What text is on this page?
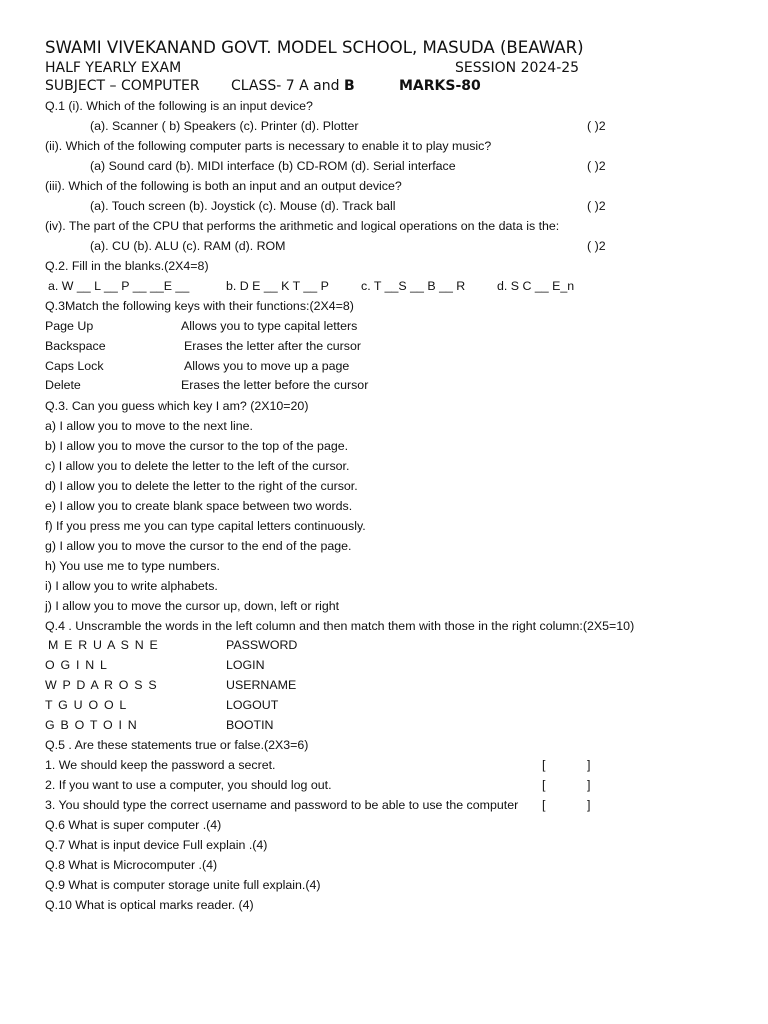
SWAMI VIVEKANAND GOVT. MODEL SCHOOL, MASUDA (BEAWAR)
HALF YEARLY EXAM	SESSION 2024-25
SUBJECT – COMPUTER CLASS- 7 A and B	MARKS-80
Q.1 (i). Which of the following is an input device?
(a). Scanner ( b) Speakers (c). Printer (d). Plotter	( )2
(ii). Which of the following computer parts is necessary to enable it to play music?
(a) Sound card (b). MIDI interface (b) CD-ROM (d). Serial interface	( )2
(iii). Which of the following is both an input and an output device?
(a). Touch screen (b). Joystick (c). Mouse (d). Track ball	( )2
(iv). The part of the CPU that performs the arithmetic and logical operations on the data is the:
(a). CU (b). ALU (c). RAM (d). ROM	( )2
Q.2. Fill in the blanks.(2X4=8)
a. W __ L __ P __ __E __	b. D E __ K T __ P	c. T __S __ B __ R	d. S C __ E_n
Q.3Match the following keys with their functions:(2X4=8)
Page Up	Allows you to type capital letters
Backspace	Erases the letter after the cursor
Caps Lock	Allows you to move up a page
Delete	Erases the letter before the cursor
Q.3. Can you guess which key I am? (2X10=20)
a) I allow you to move to the next line.
b) I allow you to move the cursor to the top of the page.
c) I allow you to delete the letter to the left of the cursor.
d) I allow you to delete the letter to the right of the cursor.
e) I allow you to create blank space between two words.
f) If you press me you can type capital letters continuously.
g) I allow you to move the cursor to the end of the page.
h) You use me to type numbers.
i) I allow you to write alphabets.
j) I allow you to move the cursor up, down, left or right
Q.4 . Unscramble the words in the left column and then match them with those in the right column:(2X5=10)
M E R U A S N E	PASSWORD
O G I N L	LOGIN
W P D A R O S S	USERNAME
T G U O O L	LOGOUT
G B O T O I N	BOOTIN
Q.5 . Are these statements true or false.(2X3=6)
1. We should keep the password a secret.	[	]
2. If you want to use a computer, you should log out.	[	]
3. You should type the correct username and password to be able to use the computer [	]
Q.6 What is super computer .(4)
Q.7 What is input device Full explain .(4)
Q.8 What is Microcomputer .(4)
Q.9 What is computer storage unite full explain.(4)
Q.10 What is optical marks reader. (4)
